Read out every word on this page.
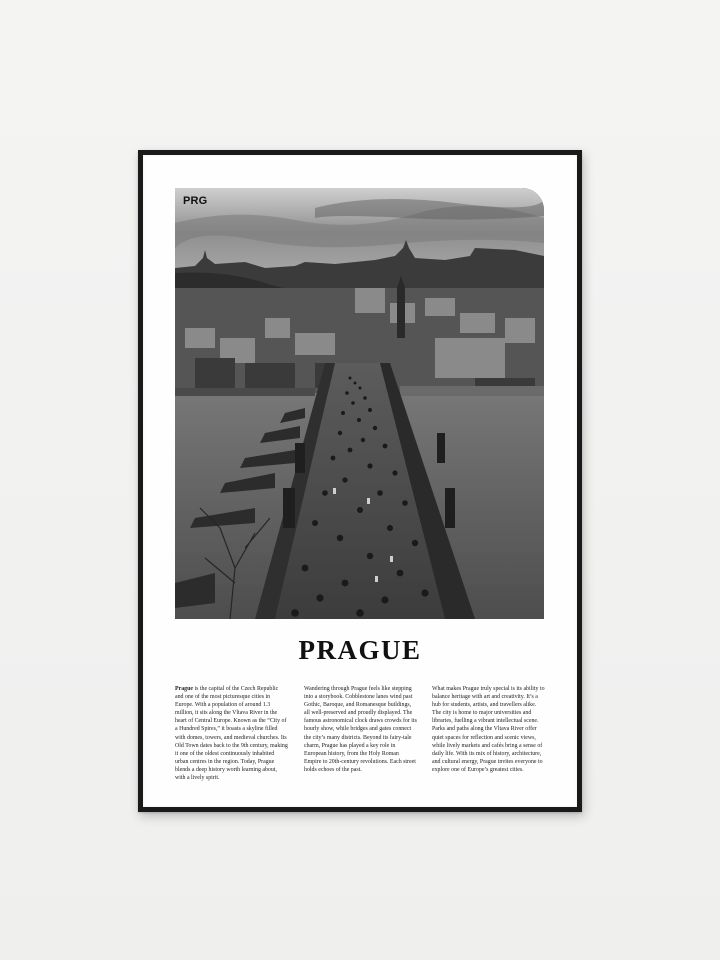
PRG
PRAGUE
Prague is the capital of the Czech Republic and one of the most picturesque cities in Europe. With a population of around 1.3 million, it sits along the Vltava River in the heart of Central Europe. Known as the “City of a Hundred Spires,” it boasts a skyline filled with domes, towers, and medieval churches. Its Old Town dates back to the 9th century, making it one of the oldest continuously inhabited urban centres in the region. Today, Prague blends a deep history worth learning about, with a lively spirit.
Wandering through Prague feels like stepping into a storybook. Cobblestone lanes wind past Gothic, Baroque, and Romanesque buildings, all well-preserved and proudly displayed. The famous astronomical clock draws crowds for its hourly show, while bridges and gates connect the city’s many districts. Beyond its fairy-tale charm, Prague has played a key role in European history, from the Holy Roman Empire to 20th-century revolutions. Each street holds echoes of the past.
What makes Prague truly special is its ability to balance heritage with art and creativity. It’s a hub for students, artists, and travellers alike. The city is home to major universities and libraries, fuelling a vibrant intellectual scene. Parks and paths along the Vltava River offer quiet spaces for reflection and scenic views, while lively markets and cafés bring a sense of daily life. With its mix of history, architecture, and cultural energy, Prague invites everyone to explore one of Europe’s greatest cities.
